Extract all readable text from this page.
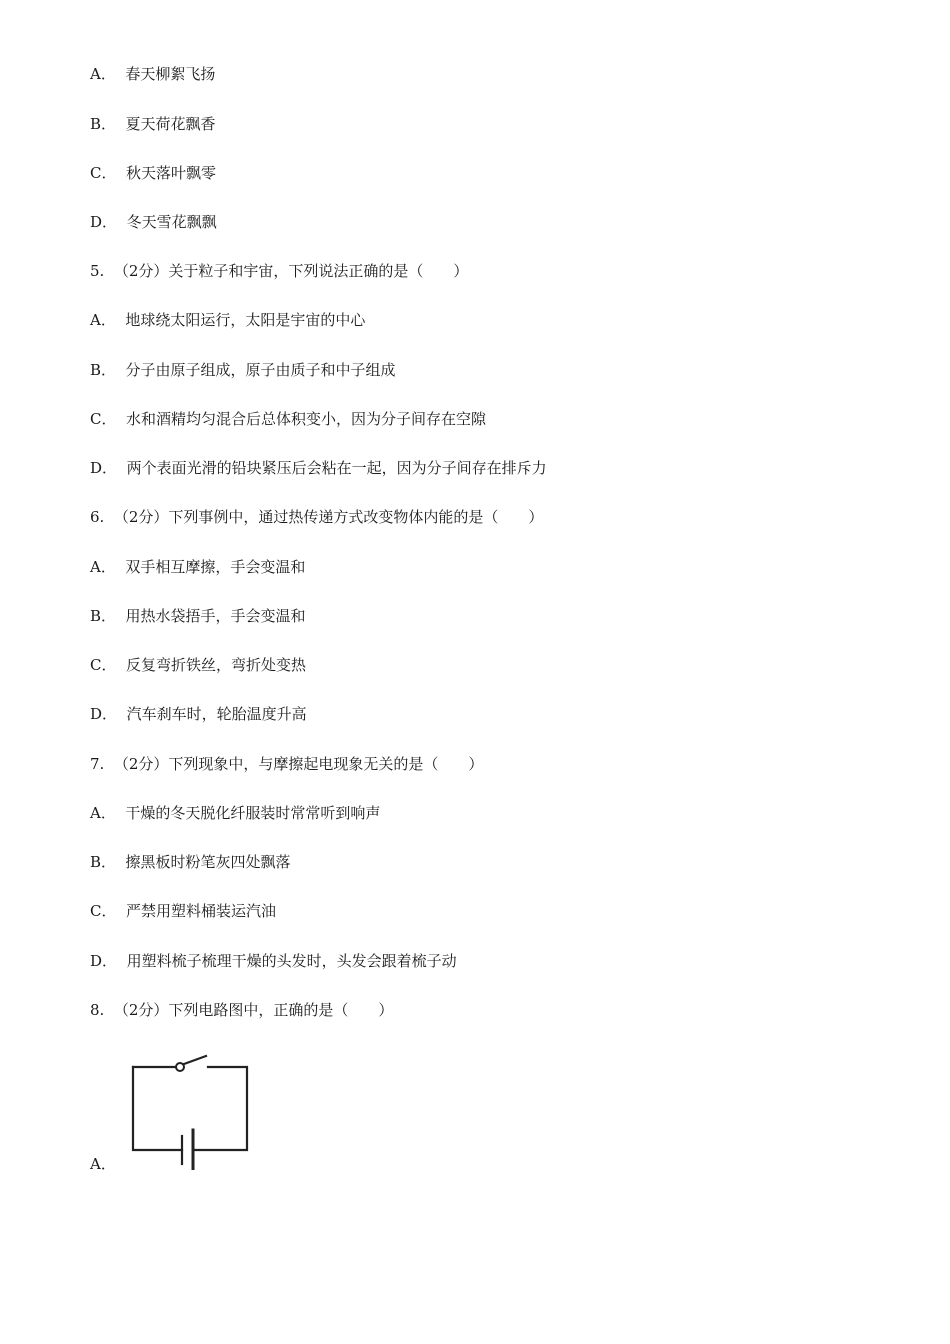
A．  春天柳絮飞扬
B．  夏天荷花飘香
C．  秋天落叶飘零
D．  冬天雪花飘飘
5.  （2分）关于粒子和宇宙，下列说法正确的是（　　）
A．  地球绕太阳运行，太阳是宇宙的中心
B．  分子由原子组成，原子由质子和中子组成
C．  水和酒精均匀混合后总体积变小，因为分子间存在空隙
D．  两个表面光滑的铅块紧压后会粘在一起，因为分子间存在排斥力
6.  （2分）下列事例中，通过热传递方式改变物体内能的是（　　）
A．  双手相互摩擦，手会变温和
B．  用热水袋捂手，手会变温和
C．  反复弯折铁丝，弯折处变热
D．  汽车刹车时，轮胎温度升高
7.  （2分）下列现象中，与摩擦起电现象无关的是（　　）
A．  干燥的冬天脱化纤服装时常常听到响声
B．  擦黑板时粉笔灰四处飘落
C．  严禁用塑料桶装运汽油
D．  用塑料梳子梳理干燥的头发时，头发会跟着梳子动
8.  （2分）下列电路图中，正确的是（　　）
A．
